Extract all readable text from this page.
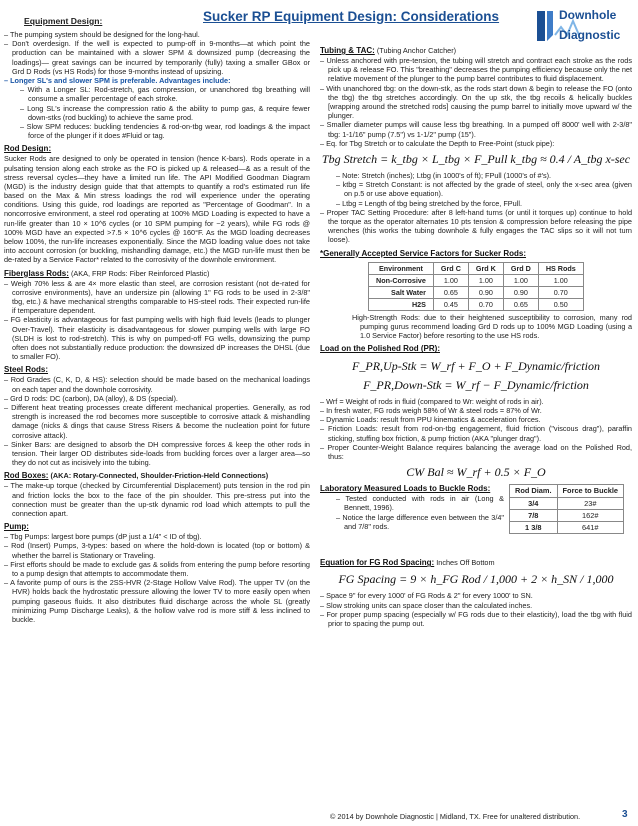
Equipment Design:	Sucker RP Equipment Design: Considerations	Downhole
Diagnostic
– The pumping system should be designed for the long-haul.
– Don't overdesign. If the well is expected to pump-off in 9-months—at which point the production can be maintained with a slower SPM & downsized pump (decreasing the loadings)— great savings can be incurred by temporarily (fully) taxing a smaller GBox or Grd D Rods (vs HS Rods) for those 9-months instead of upsizing.
– Longer SL's and slower SPM is preferable. Advantages include:
– With a Longer SL: Rod-stretch, gas compression, or unanchored tbg breathing will consume a smaller percentage of each stroke.
– Long SL's increase the compression ratio & the ability to pump gas, & require fewer down-stks (rod buckling) to achieve the same prod.
– Slow SPM reduces: buckling tendencies & rod-on-tbg wear, rod loadings & the impact force of the plunger if it does #Fluid or tag.
Rod Design:

Sucker Rods are designed to only be operated in tension (hence K-bars). Rods operate in a pulsating tension along each stroke as the FO is picked up & released—& as a result of the stress reversal cycles—they have a limited run life. The API Modified Goodman Diagram (MGD) is the industry design guide that that attempts to quantify a rod's estimated run life based on the Max & Min stress loadings the rod will experience under the operating conditions. Using this guide, rod loadings are reported as "Percentage of Goodman". In a noncorrosive environment, a steel rod operating at 100% MGD Loading is expected to have a run-life greater than 10 × 10^6 cycles (or 10 SPM pumping for ~2 years), while FG rods @ 100% MGD have an expected >7.5 × 10^6 cycles @ 160°F. As the MGD loading decreases below 100%, the run-life increases exponentially. Since the MGD loading value does not take into account corrosion (or buckling, mishandling damage, etc.) the MGD run-life must then be de-rated by a Service Factor* related to the corrosivity of the downhole environment.

Fiberglass Rods: (AKA, FRP Rods: Fiber Reinforced Plastic)
– Weigh 70% less & are 4× more elastic than steel, are corrosion resistant (not de-rated for corrosive environments), have an undersize pin (allowing 1" FG rods to be used in 2-3/8" tbg, etc.) & have mechanical strengths comparable to HS-steel rods. Their expected run-life if temperature dependent.
– FG elasticity is advantageous for fast pumping wells with high fluid levels (leads to plunger Over-Travel). Their elasticity is disadvantageous for slower pumping wells with large FO (SLDH is lost to rod-stretch). This is why on pumped-off FG wells, downsizing the pump often does not substantially reduce production: the downsized dP increases the DHSL (due to smaller FO).
Steel Rods:
– Rod Grades (C, K, D, & HS): selection should be made based on the mechanical loadings on each taper and the downhole corrosivity.
– Grd D rods: DC (carbon), DA (alloy), & DS (special).
– Different heat treating processes create different mechanical properties. Generally, as rod strength is increased the rod becomes more susceptible to corrosive attack & mishandling damage (nicks & dings that cause Stress Risers & become the nucleation point for future corrosive attack).
– Sinker Bars: are designed to absorb the DH compressive forces & keep the other rods in tension. Their larger OD distributes side-loads from buckling forces over a larger area—so they do not cut as incisively into the tubing.
Rod Boxes: (AKA: Rotary-Connected, Shoulder-Friction-Held Connections)
– The make-up torque (checked by Circumferential Displacement) puts tension in the rod pin and friction locks the box to the face of the pin shoulder. This pre-stress put into the connection must be greater than the up-stk dynamic rod load which attempts to pull the connection apart.
Pump:
– Tbg Pumps: largest bore pumps (dP just a 1/4" < ID of tbg).
– Rod (Insert) Pumps, 3-types: based on where the hold-down is located (top or bottom) & whether the barrel is Stationary or Traveling.
– First efforts should be made to exclude gas & solids from entering the pump before resorting to a pump design that attempts to accommodate them.
– A favorite pump of ours is the 2SS-HVR (2-Stage Hollow Valve Rod). The upper TV (on the HVR) holds back the hydrostatic pressure allowing the lower TV to more easily open when pumping gaseous fluids. It also distributes fluid discharge across the whole SL (greatly minimizing Pump Discharge Leaks), & the hollow valve rod is more stiff & less inclined to buckle.
Tubing & TAC: (Tubing Anchor Catcher)
– Unless anchored with pre-tension, the tubing will stretch and contract each stroke as the rods pick up & release FO. This "breathing" decreases the pumping efficiency because only the net relative movement of the plunger to the pump barrel contributes to fluid displacement.
– With unanchored tbg: on the down-stk, as the rods start down & begin to release the FO (onto the tbg) the tbg stretches accordingly. On the up stk, the tbg recoils & helically buckles [wrapping around the stretched rods] causing the pump barrel to initially move upward w/ the plunger.
– Smaller diameter pumps will cause less tbg breathing. In a pumped off 8000' well with 2-3/8" tbg: 1-1/16" pump (7.5") vs 1-1/2" pump (15").
– Eq. for Tbg Stretch or to calculate the Depth to Free-Point (stuck pipe):
Tbg Stretch = k_tbg × L_tbg × F_Pull k_tbg ≈ 0.4 / A_tbg x-sec
– Note: Stretch (inches); Ltbg (in 1000's of ft); FPull (1000's of #'s).
– ktbg = Stretch Constant: is not affected by the grade of steel, only the x-sec area (given on p.5 or use above equation).
– Ltbg = Length of tbg being stretched by the force, FPull.
– Proper TAC Setting Procedure: after 8 left-hand turns (or until it torques up) continue to hold the torque as the operator alternates 10 pts tension & compression before releasing the pipe wrenches (this works the tubing downhole & fully engages the TAC slips so it will not turn loose).
*Generally Accepted Service Factors for Sucker Rods:
Environment	Grd C	Grd K	Grd D	HS Rods
Non-Corrosive	1.00	1.00	1.00	1.00
Salt Water	0.65	0.90	0.90	0.70
H2S	0.45	0.70	0.65	0.50
High-Strength Rods: due to their heightened susceptibility to corrosion, many rod pumping gurus recommend loading Grd D rods up to 100% MGD Loading (using a 1.0 Service Factor) before resorting to the use HS rods.
Load on the Polished Rod (PR):
F_PR,Up-Stk = W_rf + F_O + F_Dynamic/friction
F_PR,Down-Stk = W_rf − F_Dynamic/friction
– Wrf = Weight of rods in fluid (compared to Wr: weight of rods in air).
– In fresh water, FG rods weigh 58% of Wr & steel rods = 87% of Wr.
– Dynamic Loads: result from PPU kinematics & acceleration forces.
– Friction Loads: result from rod-on-tbg engagement, fluid friction ("viscous drag"), paraffin sticking, stuffing box friction, & pump friction (AKA "plunger drag").
– Proper Counter-Weight Balance requires balancing the average load on the Polished Rod, thus:
CW Bal ≈ W_rf + 0.5 × F_O
Laboratory Measured Loads to Buckle Rods:
– Tested conducted with rods in air (Long & Bennett, 1996).
– Notice the large difference even between the 3/4" and 7/8" rods.
Rod Diam.	Force to Buckle
3/4	23#
7/8	162#
1 3/8	641#
Equation for FG Rod Spacing: Inches Off Bottom
FG Spacing = 9 × h_FG Rod / 1,000 + 2 × h_SN / 1,000
– Space 9" for every 1000' of FG Rods & 2" for every 1000' to SN.
– Slow stroking units can space closer than the calculated inches.
– For proper pump spacing (especially w/ FG rods due to their elasticity), load the tbg with fluid prior to spacing the pump out.
© 2014 by Downhole Diagnostic | Midland, TX. Free for unaltered distribution.	3
